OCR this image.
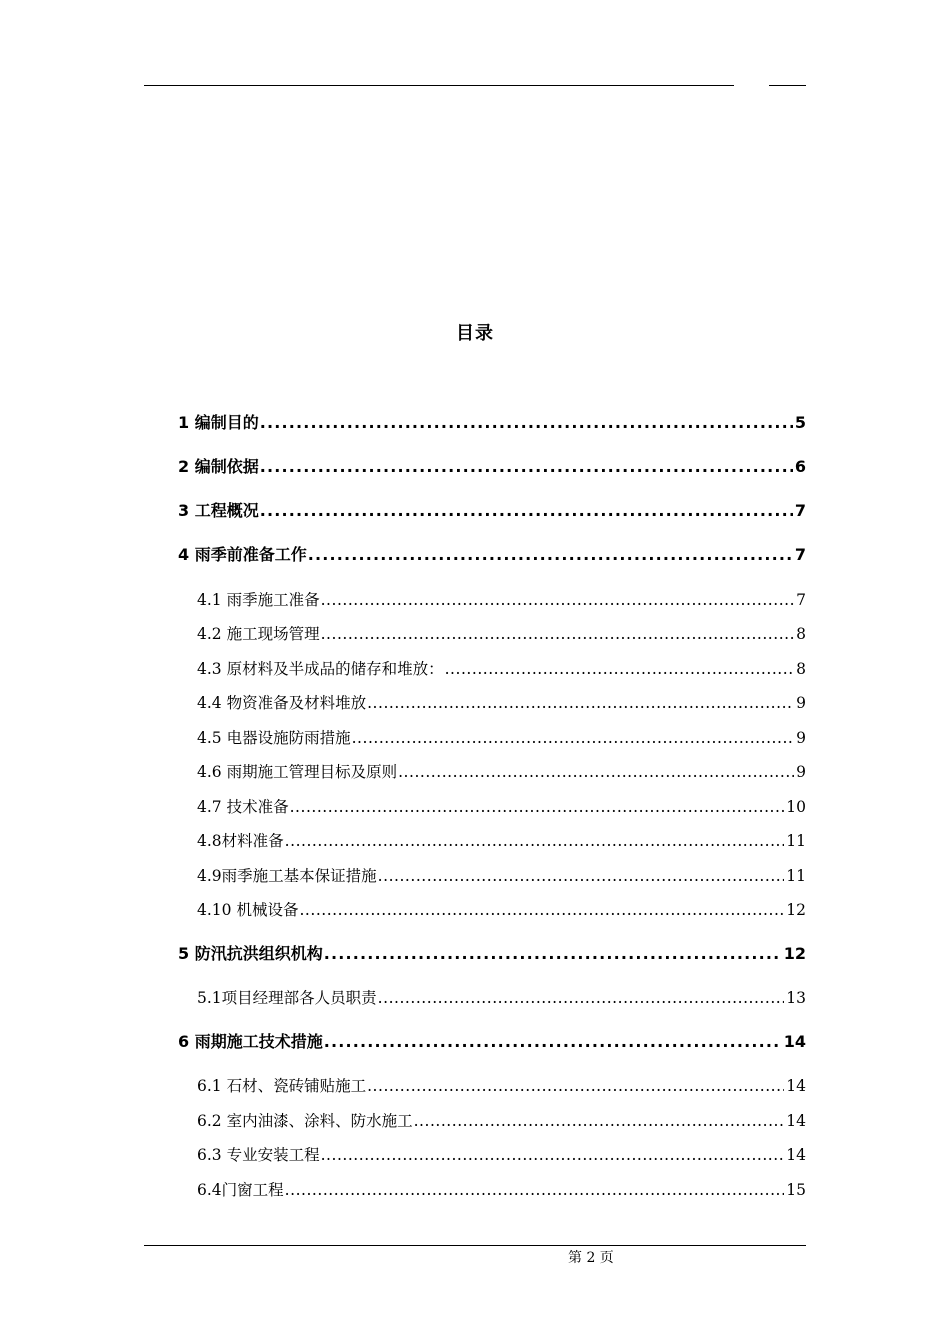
目录
1 编制目的 . . .	5
2 编制依据 . . .	6
3 工程概况 . . .	7
4 雨季前准备工作 . . .	7
4.1 雨季施工准备 . . .	7
4.2 施工现场管理 . . .	8
4.3 原材料及半成品的储存和堆放： . . .	8
4.4 物资准备及材料堆放 . . .	9
4.5 电器设施防雨措施 . . .	9
4.6 雨期施工管理目标及原则 . . .	9
4.7 技术准备 . . .	10
4.8材料准备 . . .	11
4.9雨季施工基本保证措施 . . .	11
4.10 机械设备 . . .	12
5 防汛抗洪组织机构 . . .	12
5.1项目经理部各人员职责 . . .	13
6 雨期施工技术措施 . . .	14
6.1 石材、瓷砖铺贴施工 . . .	14
6.2 室内油漆、涂料、防水施工 . . .	14
6.3 专业安装工程 . . .	14
6.4门窗工程 . . .	15
第 2 页
